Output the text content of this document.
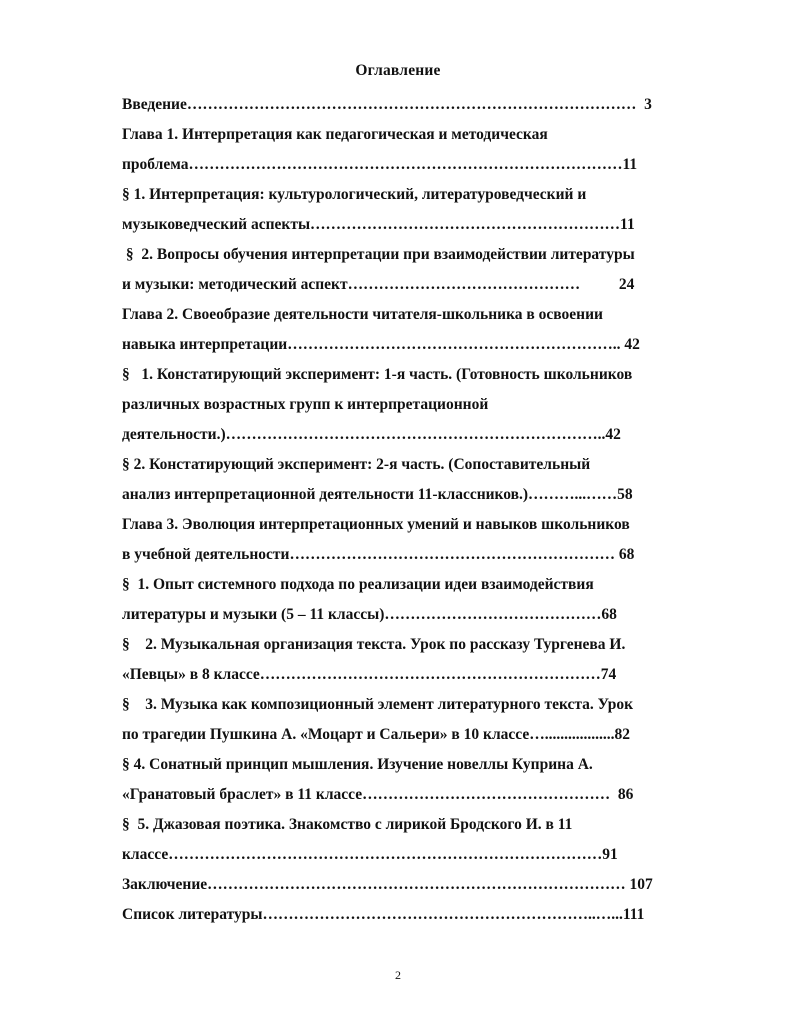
Оглавление
Введение……………………………………………………………………………  3
Глава 1. Интерпретация как педагогическая и методическая
проблема…………………………………………………………………………11
§ 1. Интерпретация: культурологический, литературоведческий и
музыковедческий аспекты……………………………………………………11
§  2. Вопросы обучения интерпретации при взаимодействии литературы
и музыки: методический аспект………………………………………          24
Глава 2. Своеобразие деятельности читателя-школьника в освоении
навыка интерпретации……………………………………………………….. 42
§   1. Констатирующий эксперимент: 1-я часть. (Готовность школьников
различных возрастных групп к интерпретационной
деятельности.)………………………………………………………………..42
§ 2. Констатирующий эксперимент: 2-я часть. (Сопоставительный
анализ интерпретационной деятельности 11-классников.)………...……58
Глава 3. Эволюция интерпретационных умений и навыков школьников
в учебной деятельности……………………………………………………… 68
§  1. Опыт системного подхода по реализации идеи взаимодействия
литературы и музыки (5 – 11 классы)……………………………………68
§    2. Музыкальная организация текста. Урок по рассказу Тургенева И.
«Певцы» в 8 классе…………………………………………………………74
§    3. Музыка как композиционный элемент литературного текста. Урок
по трагедии Пушкина А. «Моцарт и Сальери» в 10 классе…..................82
§ 4. Сонатный принцип мышления. Изучение новеллы Куприна А.
«Гранатовый браслет» в 11 классе…………………………………………  86
§  5. Джазовая поэтика. Знакомство с лирикой Бродского И. в 11
классе…………………………………………………………………………91
Заключение……………………………………………………………………… 107
Список литературы………………………………………………………..…...111
2
